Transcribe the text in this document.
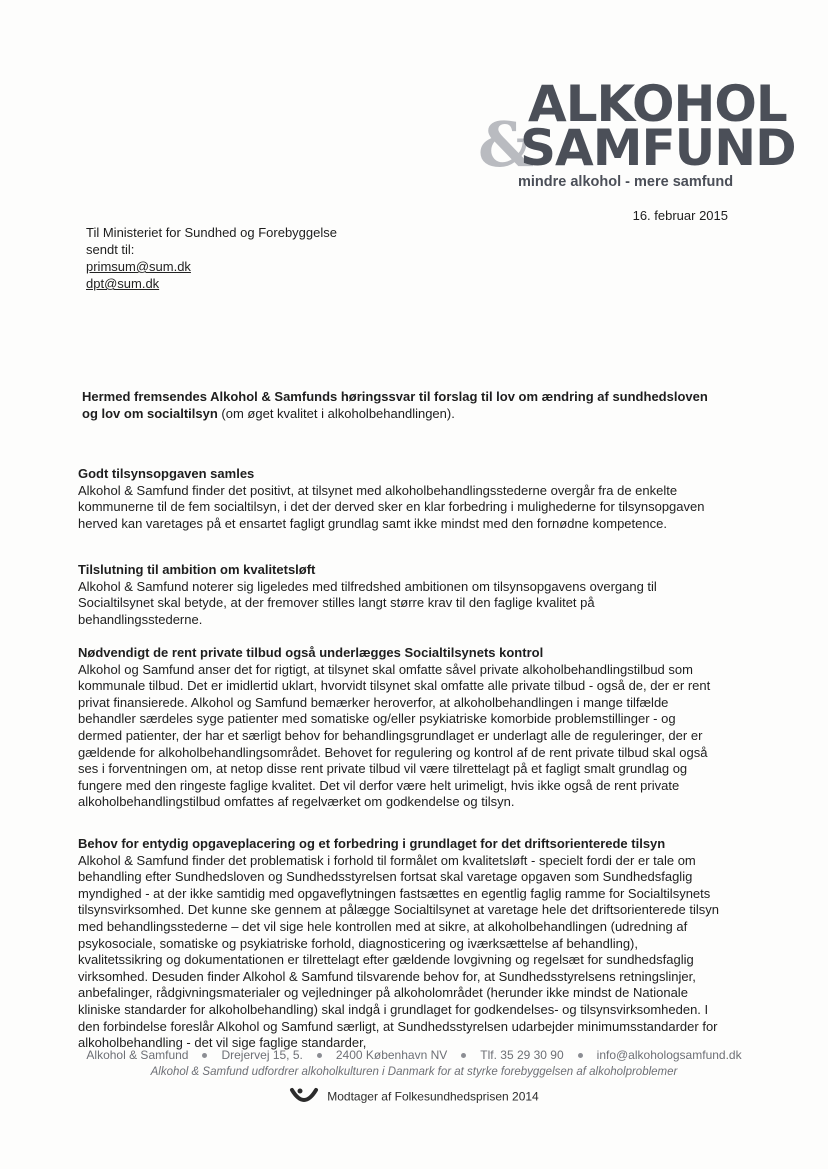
ALKOHOL
&
SAMFUND
mindre alkohol - mere samfund
16. februar 2015
Til Ministeriet for Sundhed og Forebyggelse
sendt til:
primsum@sum.dk
dpt@sum.dk
Hermed fremsendes Alkohol & Samfunds høringssvar til forslag til lov om ændring af sundhedsloven og lov om socialtilsyn (om øget kvalitet i alkoholbehandlingen).
Godt tilsynsopgaven samles

Alkohol & Samfund finder det positivt, at tilsynet med alkoholbehandlingsstederne overgår fra de enkelte kommunerne til de fem socialtilsyn, i det der derved sker en klar forbedring i mulighederne for tilsynsopgaven herved kan varetages på et ensartet fagligt grundlag samt ikke mindst med den fornødne kompetence.

Tilslutning til ambition om kvalitetsløft

Alkohol & Samfund noterer sig ligeledes med tilfredshed ambitionen om tilsynsopgavens overgang til Socialtilsynet skal betyde, at der fremover stilles langt større krav til den faglige kvalitet på behandlingsstederne.

Nødvendigt de rent private tilbud også underlægges Socialtilsynets kontrol

Alkohol og Samfund anser det for rigtigt, at tilsynet skal omfatte såvel private alkoholbehandlingstilbud som kommunale tilbud. Det er imidlertid uklart, hvorvidt tilsynet skal omfatte alle private tilbud - også de, der er rent privat finansierede. Alkohol og Samfund bemærker heroverfor, at alkoholbehandlingen i mange tilfælde behandler særdeles syge patienter med somatiske og/eller psykiatriske komorbide problemstillinger - og dermed patienter, der har et særligt behov for behandlingsgrundlaget er underlagt alle de reguleringer, der er gældende for alkoholbehandlingsområdet. Behovet for regulering og kontrol af de rent private tilbud skal også ses i forventningen om, at netop disse rent private tilbud vil være tilrettelagt på et fagligt smalt grundlag og fungere med den ringeste faglige kvalitet. Det vil derfor være helt urimeligt, hvis ikke også de rent private alkoholbehandlingstilbud omfattes af regelværket om godkendelse og tilsyn.

Behov for entydig opgaveplacering og et forbedring i grundlaget for det driftsorienterede tilsyn

Alkohol & Samfund finder det problematisk i forhold til formålet om kvalitetsløft - specielt fordi der er tale om behandling efter Sundhedsloven og Sundhedsstyrelsen fortsat skal varetage opgaven som Sundhedsfaglig myndighed - at der ikke samtidig med opgaveflytningen fastsættes en egentlig faglig ramme for Socialtilsynets tilsynsvirksomhed. Det kunne ske gennem at pålægge Socialtilsynet at varetage hele det driftsorienterede tilsyn med behandlingsstederne – det vil sige hele kontrollen med at sikre, at alkoholbehandlingen (udredning af psykosociale, somatiske og psykiatriske forhold, diagnosticering og iværksættelse af behandling), kvalitetssikring og dokumentationen er tilrettelagt efter gældende lovgivning og regelsæt for sundhedsfaglig virksomhed. Desuden finder Alkohol & Samfund tilsvarende behov for, at Sundhedsstyrelsens retningslinjer, anbefalinger, rådgivningsmaterialer og vejledninger på alkoholområdet (herunder ikke mindst de Nationale kliniske standarder for alkoholbehandling) skal indgå i grundlaget for godkendelses- og tilsynsvirksomheden. I den forbindelse foreslår Alkohol og Samfund særligt, at Sundhedsstyrelsen udarbejder minimumsstandarder for alkoholbehandling - det vil sige faglige standarder,

Alkohol & Samfund	Drejervej 15, 5.	2400 København NV	Tlf. 35 29 30 90	info@alkohologsamfund.dk
Alkohol & Samfund udfordrer alkoholkulturen i Danmark for at styrke forebyggelsen af alkoholproblemer
Modtager af Folkesundhedsprisen 2014
